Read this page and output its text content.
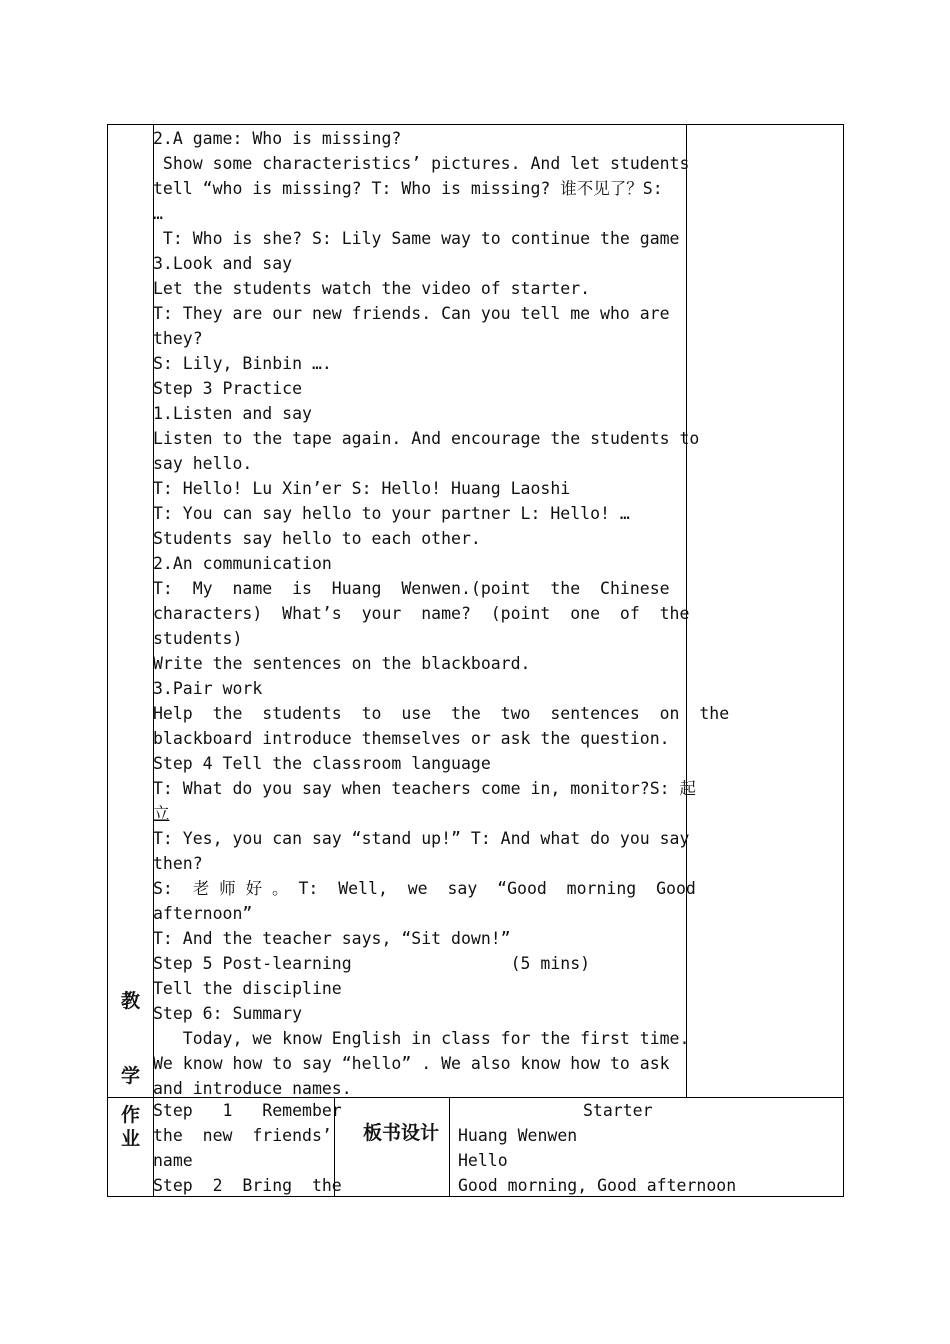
教
学
2.A game: Who is missing?
Show some characteristics’ pictures. And let students
tell “who is missing? T: Who is missing? 谁不见了？S:
…
T: Who is she? S: Lily Same way to continue the game
3.Look and say
Let the students watch the video of starter.
T: They are our new friends. Can you tell me who are
they?
S: Lily, Binbin ….
Step 3 Practice
1.Listen and say
Listen to the tape again. And encourage the students to
say hello.
T: Hello! Lu Xin’er S: Hello! Huang Laoshi
T: You can say hello to your partner L: Hello! …
Students say hello to each other.
2.An communication
T:  My  name  is  Huang  Wenwen.(point  the  Chinese
characters)  What’s  your  name?  (point  one  of  the
students)
Write the sentences on the blackboard.
3.Pair work
Help  the  students  to  use  the  two  sentences  on  the
blackboard introduce themselves or ask the question.
Step 4 Tell the classroom language
T: What do you say when teachers come in, monitor?S: 起
立
T: Yes, you can say “stand up!” T: And what do you say
then?
S:  老 师 好 。 T:  Well,  we  say  “Good  morning  Good
afternoon”
T: And the teacher says, “Sit down!”
Step 5 Post-learning                (5 mins)
Tell the discipline
Step 6: Summary
Today, we know English in class for the first time.
We know how to say “hello” . We also know how to ask
and introduce names.
作
业
Step   1   Remember
the  new  friends’
name
Step  2  Bring  the
板书设计
Starter
Huang Wenwen
Hello
Good morning, Good afternoon
